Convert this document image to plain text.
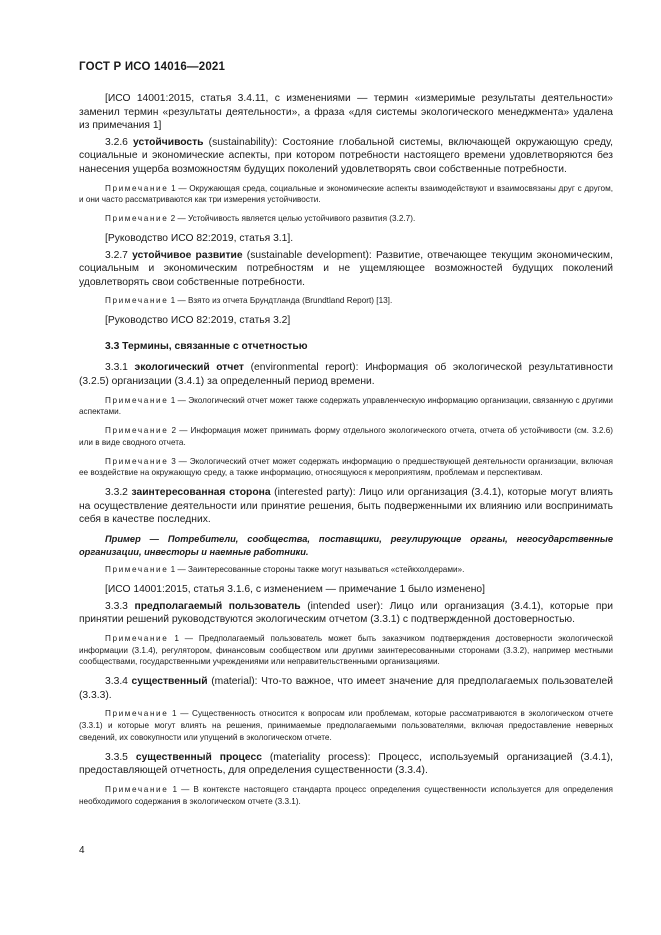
ГОСТ Р ИСО 14016—2021

[ИСО 14001:2015, статья 3.4.11, с изменениями — термин «измеримые результаты деятельности» заменил термин «результаты деятельности», а фраза «для системы экологического менеджмента» удалена из примечания 1]

3.2.6 устойчивость (sustainability): Состояние глобальной системы, включающей окружающую среду, социальные и экономические аспекты, при котором потребности настоящего времени удовлетворяются без нанесения ущерба возможностям будущих поколений удовлетворять свои собственные потребности.

Примечание 1 — Окружающая среда, социальные и экономические аспекты взаимодействуют и взаимосвязаны друг с другом, и они часто рассматриваются как три измерения устойчивости.

Примечание 2 — Устойчивость является целью устойчивого развития (3.2.7).

[Руководство ИСО 82:2019, статья 3.1].

3.2.7 устойчивое развитие (sustainable development): Развитие, отвечающее текущим экономическим, социальным и экономическим потребностям и не ущемляющее возможностей будущих поколений удовлетворять свои собственные потребности.

Примечание 1 — Взято из отчета Брундтланда (Brundtland Report) [13].

[Руководство ИСО 82:2019, статья 3.2]

3.3 Термины, связанные с отчетностью

3.3.1 экологический отчет (environmental report): Информация об экологической результативности (3.2.5) организации (3.4.1) за определенный период времени.

Примечание 1 — Экологический отчет может также содержать управленческую информацию организации, связанную с другими аспектами.

Примечание 2 — Информация может принимать форму отдельного экологического отчета, отчета об устойчивости (см. 3.2.6) или в виде сводного отчета.

Примечание 3 — Экологический отчет может содержать информацию о предшествующей деятельности организации, включая ее воздействие на окружающую среду, а также информацию, относящуюся к мероприятиям, проблемам и перспективам.

3.3.2 заинтересованная сторона (interested party): Лицо или организация (3.4.1), которые могут влиять на осуществление деятельности или принятие решения, быть подверженными их влиянию или воспринимать себя в качестве последних.

Пример — Потребители, сообщества, поставщики, регулирующие органы, негосударственные организации, инвесторы и наемные работники.

Примечание 1 — Заинтересованные стороны также могут называться «стейкхолдерами».

[ИСО 14001:2015, статья 3.1.6, с изменением — примечание 1 было изменено]

3.3.3 предполагаемый пользователь (intended user): Лицо или организация (3.4.1), которые при принятии решений руководствуются экологическим отчетом (3.3.1) с подтвержденной достоверностью.

Примечание 1 — Предполагаемый пользователь может быть заказчиком подтверждения достоверности экологической информации (3.1.4), регулятором, финансовым сообществом или другими заинтересованными сторонами (3.3.2), например местными сообществами, государственными учреждениями или неправительственными организациями.

3.3.4 существенный (material): Что-то важное, что имеет значение для предполагаемых пользователей (3.3.3).

Примечание 1 — Существенность относится к вопросам или проблемам, которые рассматриваются в экологическом отчете (3.3.1) и которые могут влиять на решения, принимаемые предполагаемыми пользователями, включая предоставление неверных сведений, их совокупности или упущений в экологическом отчете.

3.3.5 существенный процесс (materiality process): Процесс, используемый организацией (3.4.1), предоставляющей отчетность, для определения существенности (3.3.4).

Примечание 1 — В контексте настоящего стандарта процесс определения существенности используется для определения необходимого содержания в экологическом отчете (3.3.1).

4
